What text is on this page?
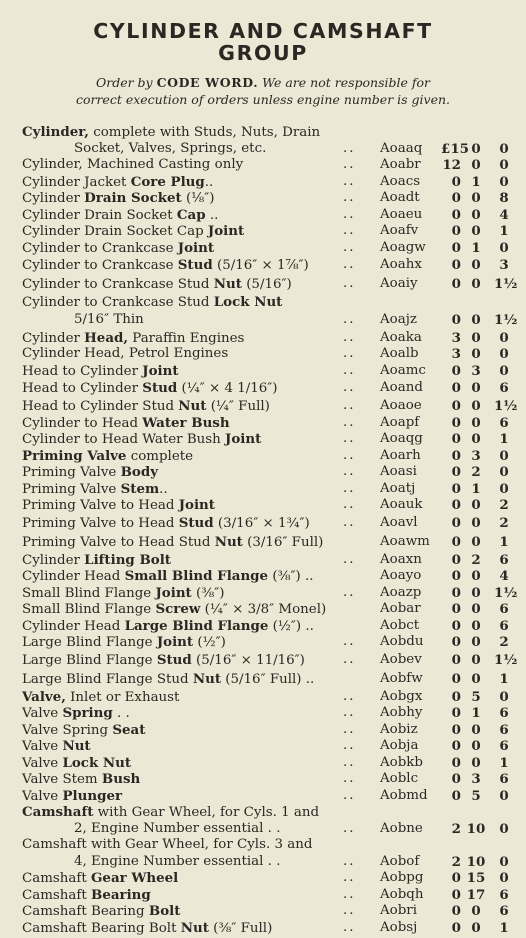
CYLINDER AND CAMSHAFT
GROUP
Order by CODE WORD. We are not responsible for
correct execution of orders unless engine number is given.
Cylinder, complete with Studs, Nuts, Drain
Socket, Valves, Springs, etc.	.. Aoaaq £15 0	0
Cylinder, Machined Casting only	.. Aoabr 12 0	0
Cylinder Jacket Core Plug..	.. Aoacs	0 1	0
Cylinder Drain Socket (⅛″)	.. Aoadt	0 0	8
Cylinder Drain Socket Cap ..	.. Aoaeu	0 0	4
Cylinder Drain Socket Cap Joint	.. Aoafv	0 0	1
Cylinder to Crankcase Joint	.. Aoagw	0 1	0
Cylinder to Crankcase Stud (5/16″ × 1⅞″)	.. Aoahx	0 0	3
Cylinder to Crankcase Stud Nut (5/16″)	.. Aoaiy	0 0 1½
Cylinder to Crankcase Stud Lock Nut
5/16″ Thin	.. Aoajz	0 0 1½
Cylinder Head, Paraffin Engines	.. Aoaka	3 0	0
Cylinder Head, Petrol Engines	.. Aoalb	3 0	0
Head to Cylinder Joint	.. Aoamc	0 3	0
Head to Cylinder Stud (¼″ × 4 1/16″)	.. Aoand	0 0	6
Head to Cylinder Stud Nut (¼″ Full)	.. Aoaoe	0 0 1½
Cylinder to Head Water Bush	.. Aoapf	0 0	6
Cylinder to Head Water Bush Joint	.. Aoaqg	0 0	1
Priming Valve complete	.. Aoarh	0 3	0
Priming Valve Body	.. Aoasi	0 2	0
Priming Valve Stem..	.. Aoatj	0 1	0
Priming Valve to Head Joint	.. Aoauk	0 0	2
Priming Valve to Head Stud (3/16″ × 1¾″) .. Aoavl	0 0	2
Priming Valve to Head Stud Nut (3/16″ Full)	Aoawm	0 0	1
Cylinder Lifting Bolt	.. Aoaxn	0 2	6
Cylinder Head Small Blind Flange (⅜″) ..	Aoayo	0 0	4
Small Blind Flange Joint (⅜″)	.. Aoazp	0 0 1½
Small Blind Flange Screw (¼″ × 3/8″ Monel)	Aobar	0 0	6
Cylinder Head Large Blind Flange (½″) ..	Aobct	0 0	6
Large Blind Flange Joint (½″)	.. Aobdu	0 0	2
Large Blind Flange Stud (5/16″ × 11/16″)	.. Aobev	0 0 1½
Large Blind Flange Stud Nut (5/16″ Full) ..	Aobfw	0 0	1
Valve, Inlet or Exhaust	.. Aobgx	0 5	0
Valve Spring . .	.. Aobhy	0 1	6
Valve Spring Seat	.. Aobiz	0 0	6
Valve Nut	.. Aobja	0 0	6
Valve Lock Nut	.. Aobkb	0 0	1
Valve Stem Bush	.. Aoblc	0 3	6
Valve Plunger	.. Aobmd	0 5	0
Camshaft with Gear Wheel, for Cyls. 1 and
2, Engine Number essential . .	.. Aobne	2 10	0
Camshaft with Gear Wheel, for Cyls. 3 and
4, Engine Number essential . .	.. Aobof	2 10	0
Camshaft Gear Wheel	.. Aobpg	0 15	0
Camshaft Bearing	.. Aobqh	0 17	6
Camshaft Bearing Bolt	.. Aobri	0 0	6
Camshaft Bearing Bolt Nut (⅜″ Full)	.. Aobsj	0 0	1
